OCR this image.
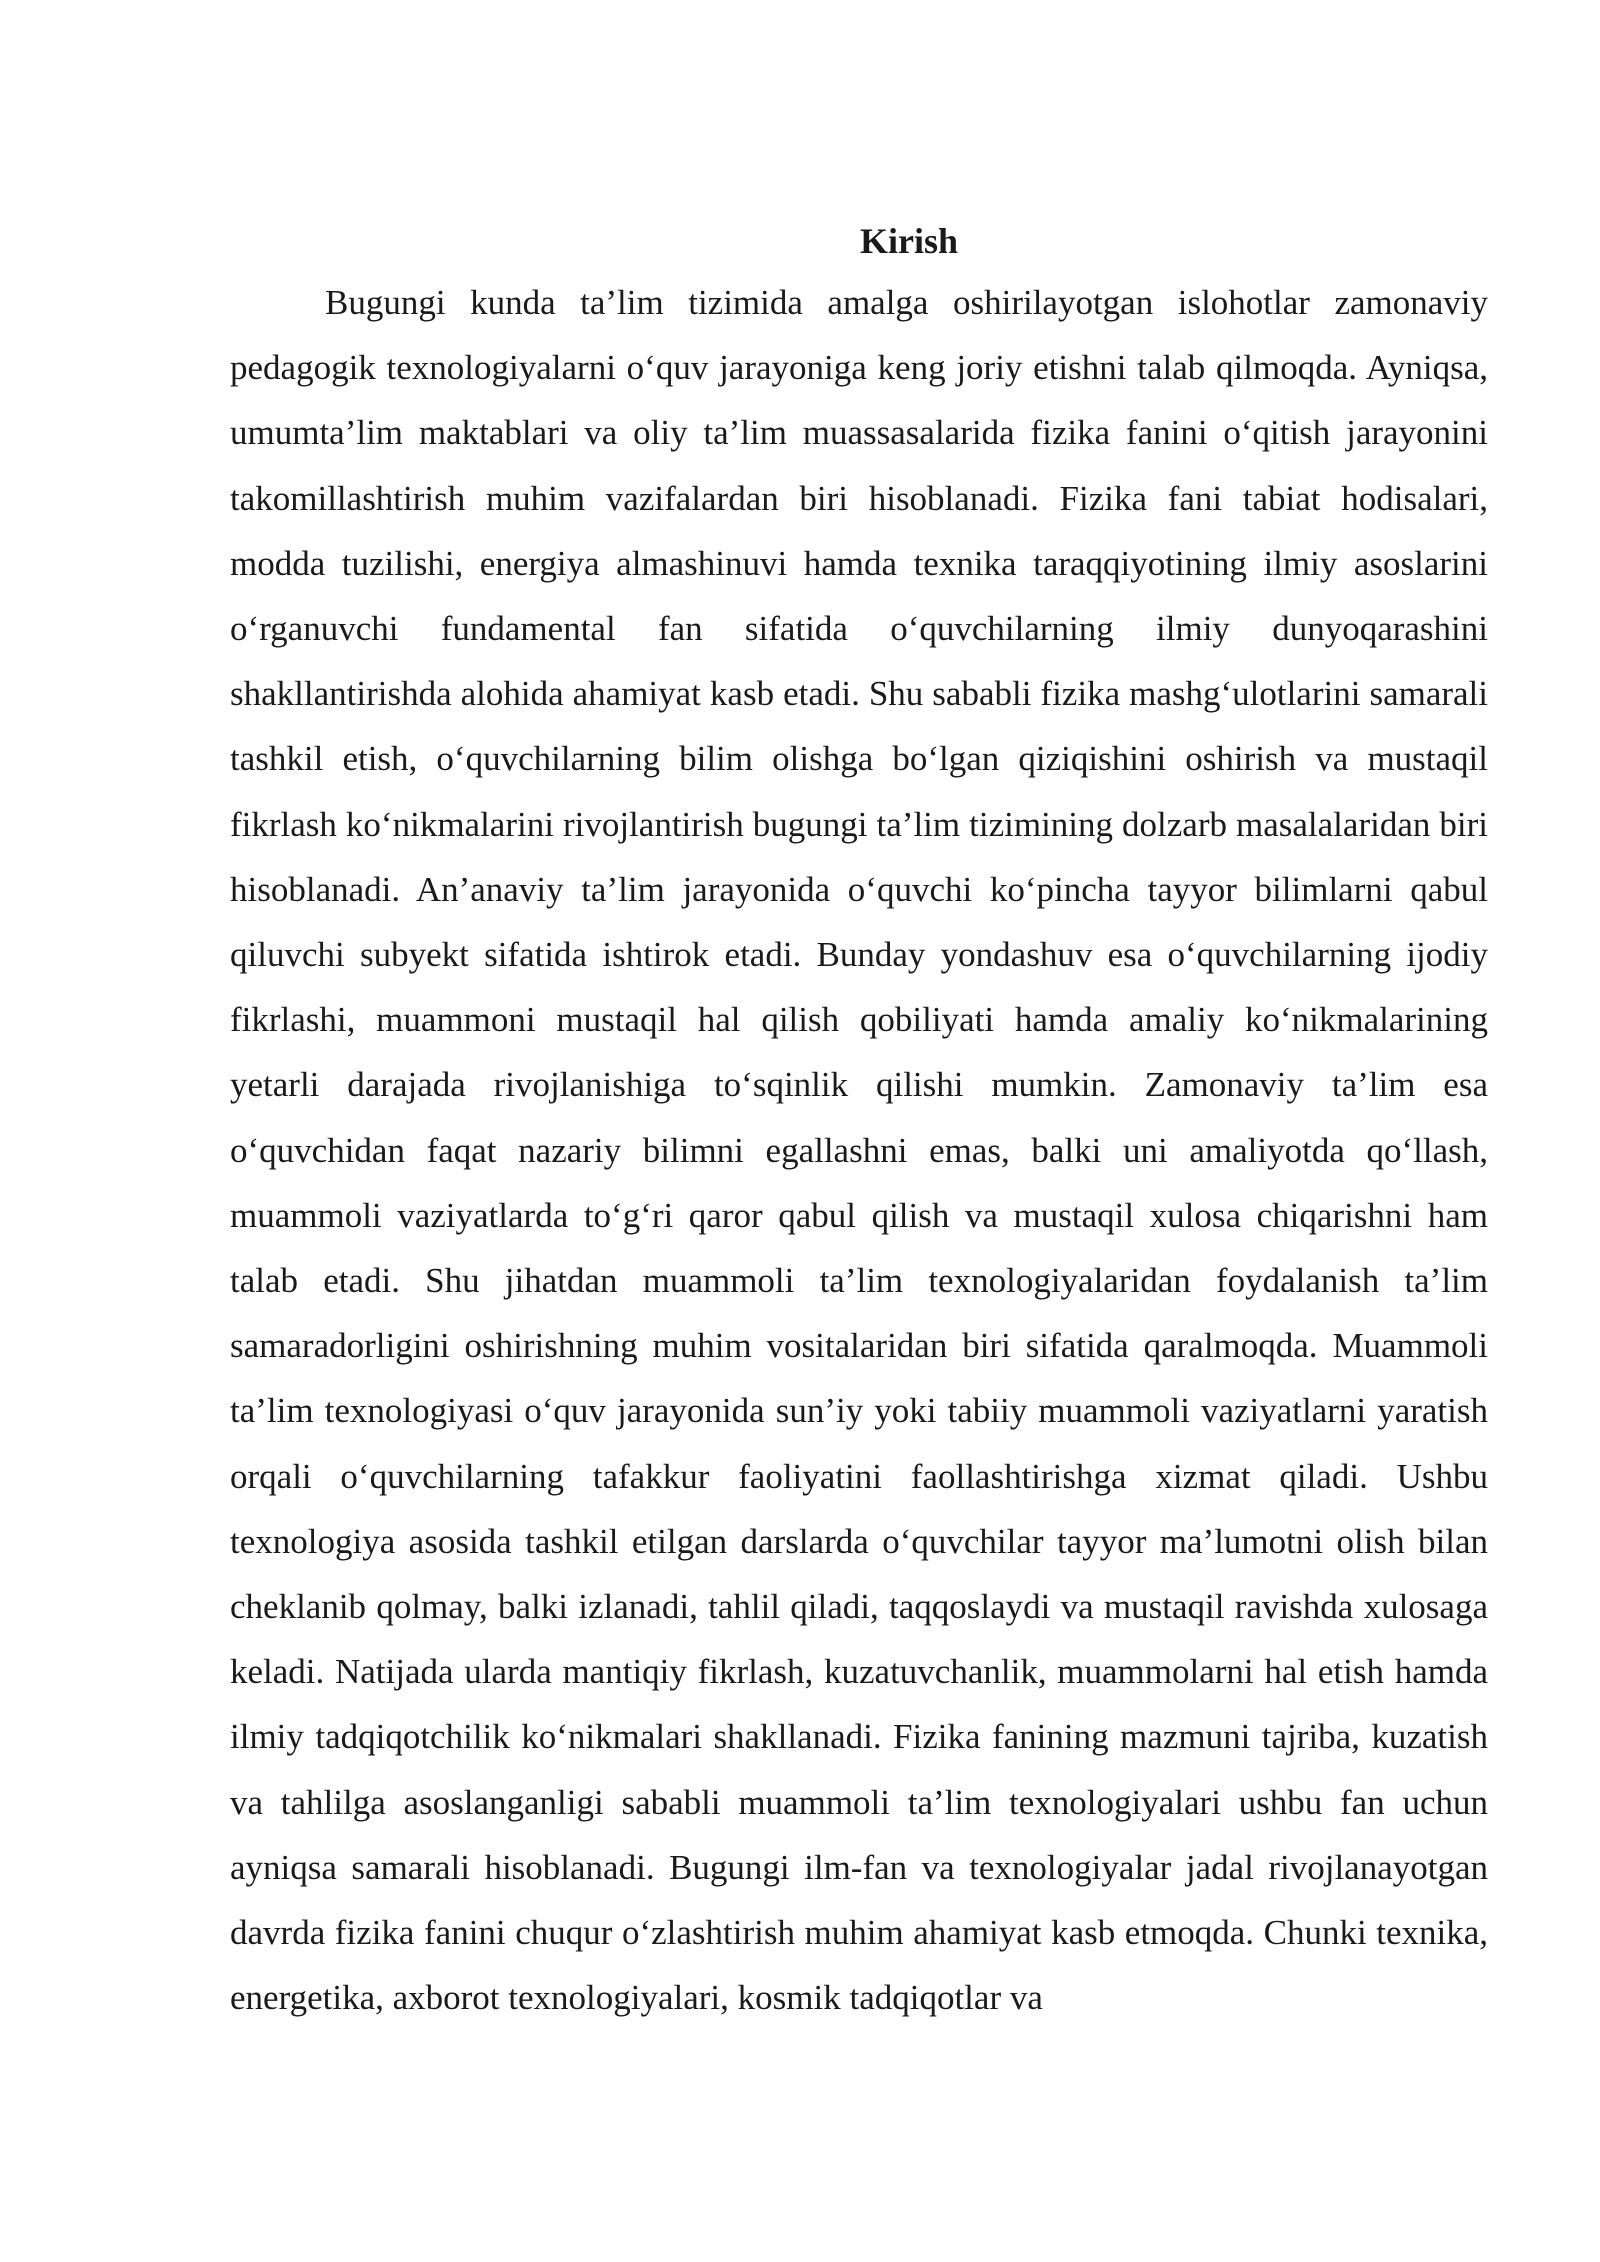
Kirish

Bugungi kunda ta’lim tizimida amalga oshirilayotgan islohotlar zamonaviy pedagogik texnologiyalarni o‘quv jarayoniga keng joriy etishni talab qilmoqda. Ayniqsa, umumta’lim maktablari va oliy ta’lim muassasalarida fizika fanini o‘qitish jarayonini takomillashtirish muhim vazifalardan biri hisoblanadi. Fizika fani tabiat hodisalari, modda tuzilishi, energiya almashinuvi hamda texnika taraqqiyotining ilmiy asoslarini o‘rganuvchi fundamental fan sifatida o‘quvchilarning ilmiy dunyoqarashini shakllantirishda alohida ahamiyat kasb etadi. Shu sababli fizika mashg‘ulotlarini samarali tashkil etish, o‘quvchilarning bilim olishga bo‘lgan qiziqishini oshirish va mustaqil fikrlash ko‘nikmalarini rivojlantirish bugungi ta’lim tizimining dolzarb masalalaridan biri hisoblanadi. An’anaviy ta’lim jarayonida o‘quvchi ko‘pincha tayyor bilimlarni qabul qiluvchi subyekt sifatida ishtirok etadi. Bunday yondashuv esa o‘quvchilarning ijodiy fikrlashi, muammoni mustaqil hal qilish qobiliyati hamda amaliy ko‘nikmalarining yetarli darajada rivojlanishiga to‘sqinlik qilishi mumkin. Zamonaviy ta’lim esa o‘quvchidan faqat nazariy bilimni egallashni emas, balki uni amaliyotda qo‘llash, muammoli vaziyatlarda to‘g‘ri qaror qabul qilish va mustaqil xulosa chiqarishni ham talab etadi. Shu jihatdan muammoli ta’lim texnologiyalaridan foydalanish ta’lim samaradorligini oshirishning muhim vositalaridan biri sifatida qaralmoqda. Muammoli ta’lim texnologiyasi o‘quv jarayonida sun’iy yoki tabiiy muammoli vaziyatlarni yaratish orqali o‘quvchilarning tafakkur faoliyatini faollashtirishga xizmat qiladi. Ushbu texnologiya asosida tashkil etilgan darslarda o‘quvchilar tayyor ma’lumotni olish bilan cheklanib qolmay, balki izlanadi, tahlil qiladi, taqqoslaydi va mustaqil ravishda xulosaga keladi. Natijada ularda mantiqiy fikrlash, kuzatuvchanlik, muammolarni hal etish hamda ilmiy tadqiqotchilik ko‘nikmalari shakllanadi. Fizika fanining mazmuni tajriba, kuzatish va tahlilga asoslanganligi sababli muammoli ta’lim texnologiyalari ushbu fan uchun ayniqsa samarali hisoblanadi. Bugungi ilm-fan va texnologiyalar jadal rivojlanayotgan davrda fizika fanini chuqur o‘zlashtirish muhim ahamiyat kasb etmoqda. Chunki texnika, energetika, axborot texnologiyalari, kosmik tadqiqotlar va
